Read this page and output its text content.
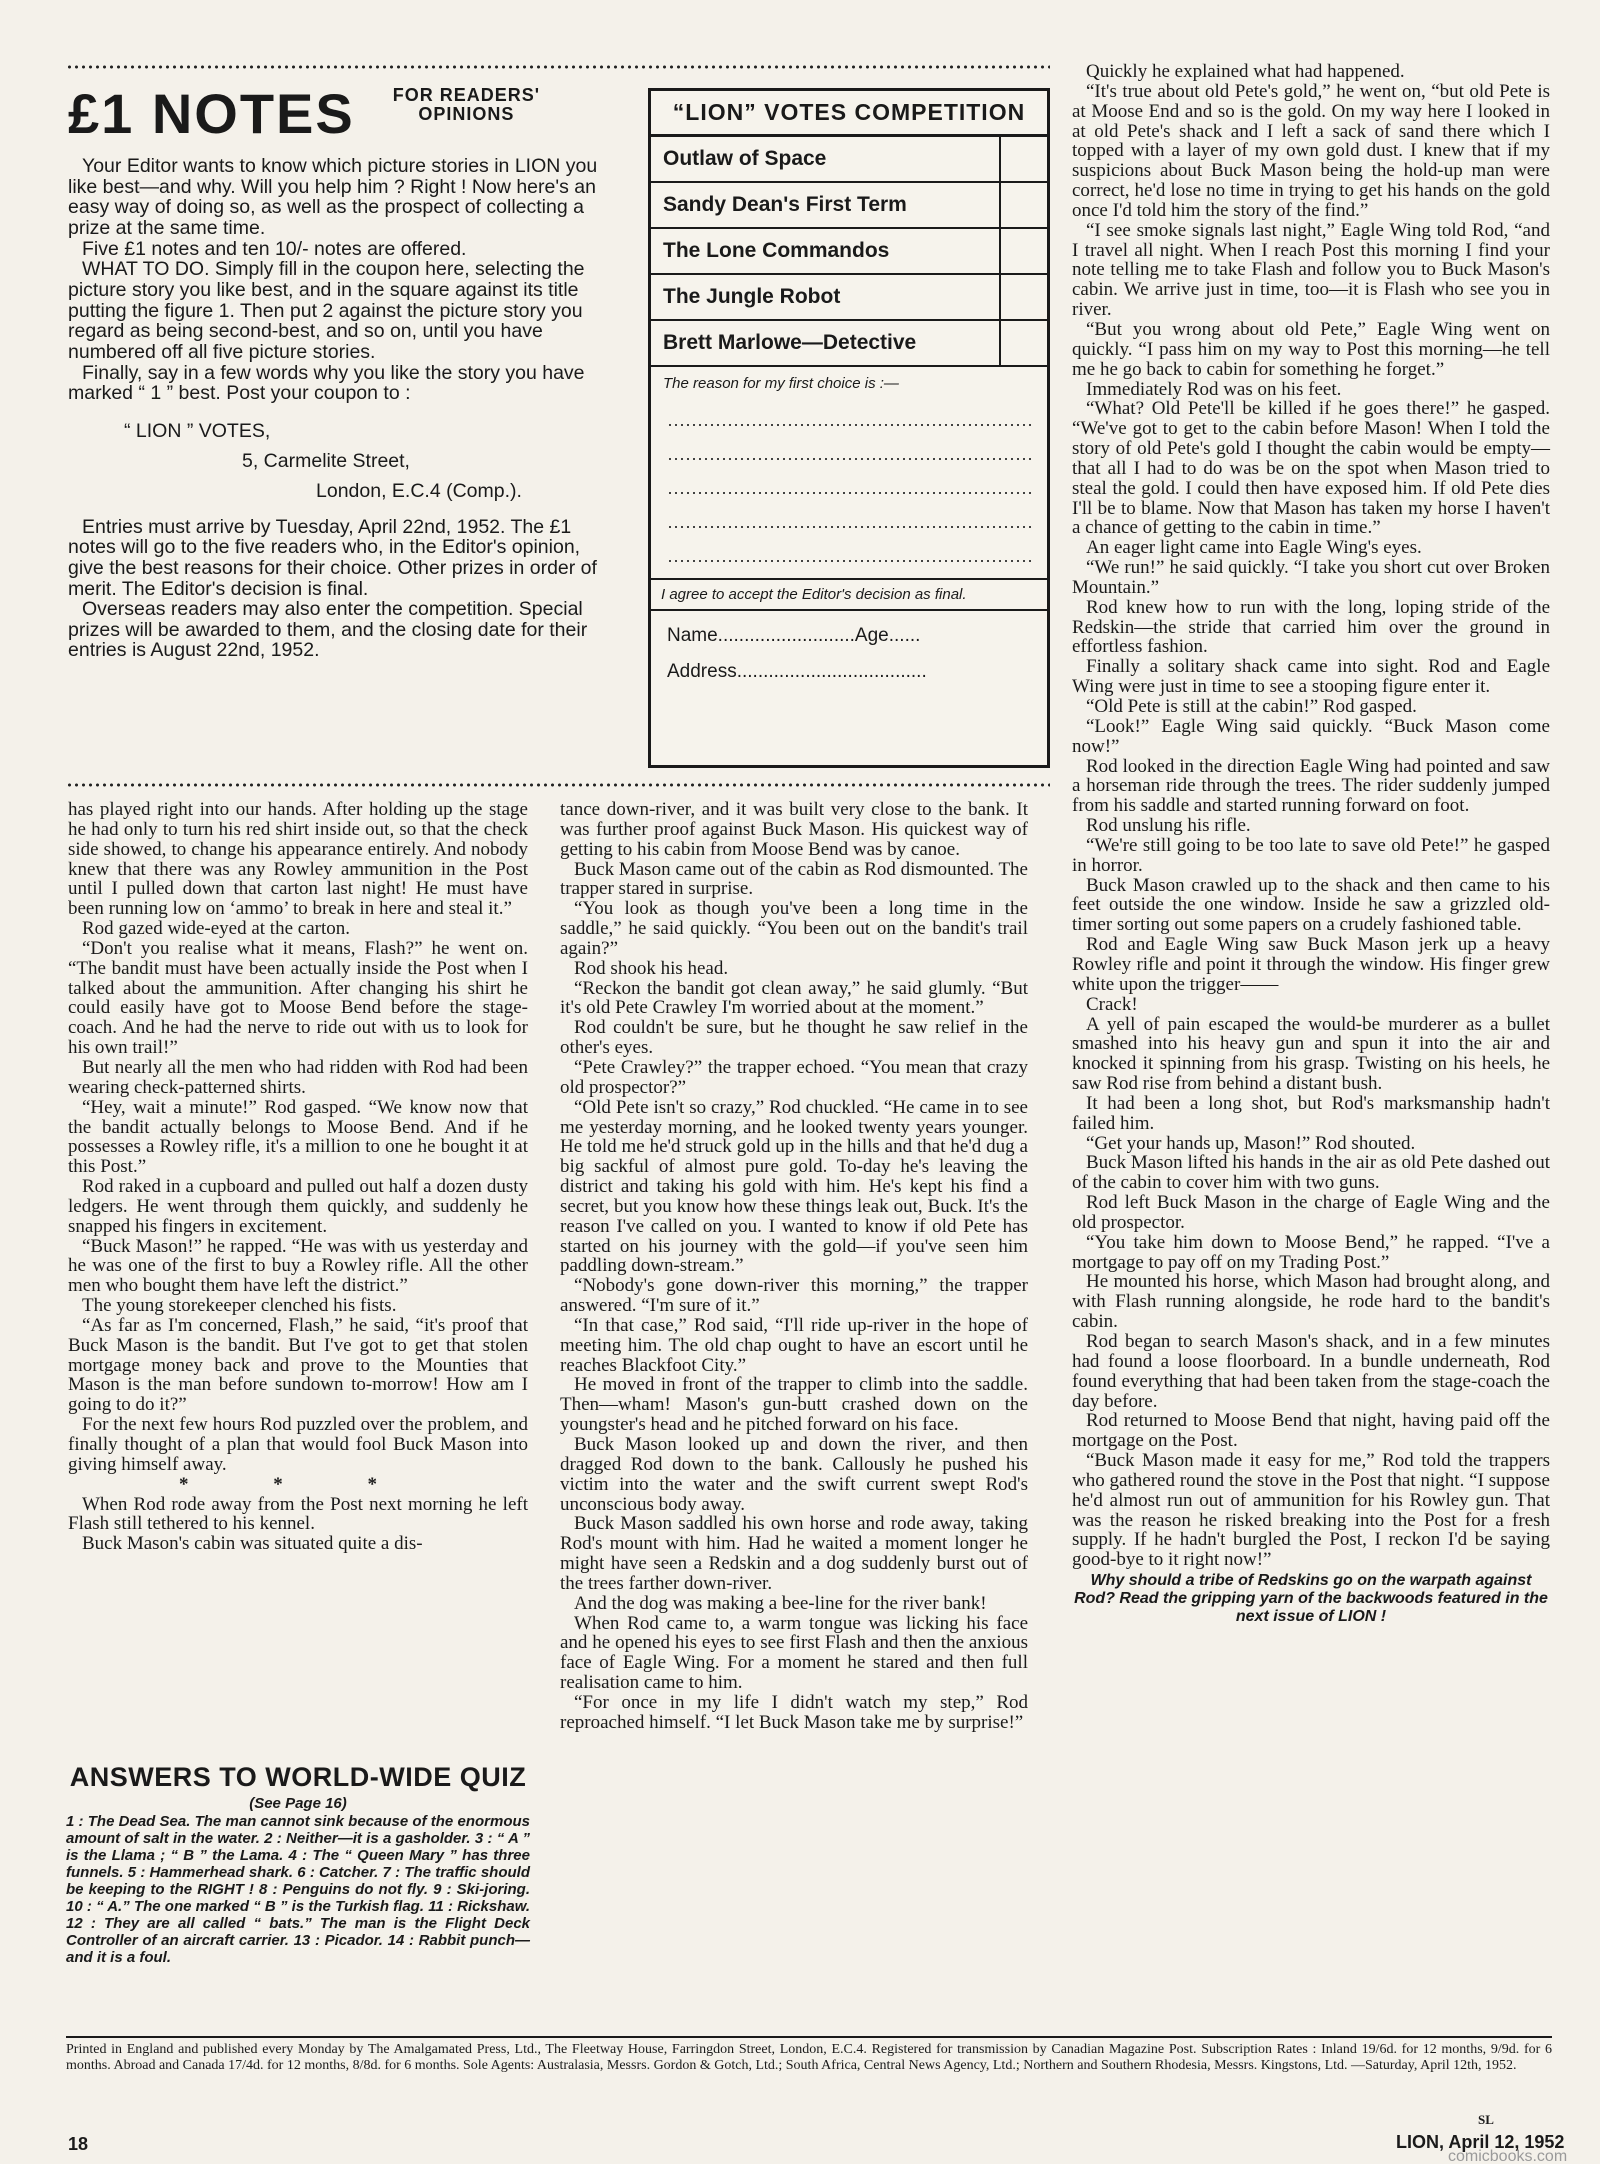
£1 NOTES FOR READERS'
OPINIONS

Your Editor wants to know which picture stories in LION you like best—and why. Will you help him ? Right ! Now here's an easy way of doing so, as well as the prospect of collecting a prize at the same time.

Five £1 notes and ten 10/- notes are offered.

WHAT TO DO. Simply fill in the coupon here, selecting the picture story you like best, and in the square against its title putting the figure 1. Then put 2 against the picture story you regard as being second-best, and so on, until you have numbered off all five picture stories.

Finally, say in a few words why you like the story you have marked “ 1 ” best. Post your coupon to :

“ LION ” VOTES,
5, Carmelite Street,
London, E.C.4 (Comp.).

Entries must arrive by Tuesday, April 22nd, 1952. The £1 notes will go to the five readers who, in the Editor's opinion, give the best reasons for their choice. Other prizes in order of merit. The Editor's decision is final.

Overseas readers may also enter the competition. Special prizes will be awarded to them, and the closing date for their entries is August 22nd, 1952.

“LION” VOTES COMPETITION
Outlaw of Space
Sandy Dean's First Term
The Lone Commandos
The Jungle Robot
Brett Marlowe—Detective
The reason for my first choice is :—
I agree to accept the Editor's decision as final.
Name..........................Age......
Address....................................

has played right into our hands. After holding up the stage he had only to turn his red shirt inside out, so that the check side showed, to change his appearance entirely. And nobody knew that there was any Rowley ammunition in the Post until I pulled down that carton last night! He must have been running low on ‘ammo’ to break in here and steal it.”

Rod gazed wide-eyed at the carton.

“Don't you realise what it means, Flash?” he went on. “The bandit must have been actually inside the Post when I talked about the ammunition. After changing his shirt he could easily have got to Moose Bend before the stage-coach. And he had the nerve to ride out with us to look for his own trail!”

But nearly all the men who had ridden with Rod had been wearing check-patterned shirts.

“Hey, wait a minute!” Rod gasped. “We know now that the bandit actually belongs to Moose Bend. And if he possesses a Rowley rifle, it's a million to one he bought it at this Post.”

Rod raked in a cupboard and pulled out half a dozen dusty ledgers. He went through them quickly, and suddenly he snapped his fingers in excitement.

“Buck Mason!” he rapped. “He was with us yesterday and he was one of the first to buy a Rowley rifle. All the other men who bought them have left the district.”

The young storekeeper clenched his fists.

“As far as I'm concerned, Flash,” he said, “it's proof that Buck Mason is the bandit. But I've got to get that stolen mortgage money back and prove to the Mounties that Mason is the man before sundown to-morrow! How am I going to do it?”

For the next few hours Rod puzzled over the problem, and finally thought of a plan that would fool Buck Mason into giving himself away.

* * *

When Rod rode away from the Post next morning he left Flash still tethered to his kennel.

Buck Mason's cabin was situated quite a dis-

ANSWERS TO WORLD-WIDE QUIZ
(See Page 16)
1 : The Dead Sea. The man cannot sink because of the enormous amount of salt in the water. 2 : Neither—it is a gasholder. 3 : “ A ” is the Llama ; “ B ” the Lama. 4 : The “ Queen Mary ” has three funnels. 5 : Hammerhead shark. 6 : Catcher. 7 : The traffic should be keeping to the RIGHT ! 8 : Penguins do not fly. 9 : Ski-joring. 10 : “ A.” The one marked “ B ” is the Turkish flag. 11 : Rickshaw. 12 : They are all called “ bats.” The man is the Flight Deck Controller of an aircraft carrier. 13 : Picador. 14 : Rabbit punch—and it is a foul.

tance down-river, and it was built very close to the bank. It was further proof against Buck Mason. His quickest way of getting to his cabin from Moose Bend was by canoe.

Buck Mason came out of the cabin as Rod dismounted. The trapper stared in surprise.

“You look as though you've been a long time in the saddle,” he said quickly. “You been out on the bandit's trail again?”

Rod shook his head.

“Reckon the bandit got clean away,” he said glumly. “But it's old Pete Crawley I'm worried about at the moment.”

Rod couldn't be sure, but he thought he saw relief in the other's eyes.

“Pete Crawley?” the trapper echoed. “You mean that crazy old prospector?”

“Old Pete isn't so crazy,” Rod chuckled. “He came in to see me yesterday morning, and he looked twenty years younger. He told me he'd struck gold up in the hills and that he'd dug a big sackful of almost pure gold. To-day he's leaving the district and taking his gold with him. He's kept his find a secret, but you know how these things leak out, Buck. It's the reason I've called on you. I wanted to know if old Pete has started on his journey with the gold—if you've seen him paddling down-stream.”

“Nobody's gone down-river this morning,” the trapper answered. “I'm sure of it.”

“In that case,” Rod said, “I'll ride up-river in the hope of meeting him. The old chap ought to have an escort until he reaches Blackfoot City.”

He moved in front of the trapper to climb into the saddle. Then—wham! Mason's gun-butt crashed down on the youngster's head and he pitched forward on his face.

Buck Mason looked up and down the river, and then dragged Rod down to the bank. Callously he pushed his victim into the water and the swift current swept Rod's unconscious body away.

Buck Mason saddled his own horse and rode away, taking Rod's mount with him. Had he waited a moment longer he might have seen a Redskin and a dog suddenly burst out of the trees farther down-river.

And the dog was making a bee-line for the river bank!

When Rod came to, a warm tongue was licking his face and he opened his eyes to see first Flash and then the anxious face of Eagle Wing. For a moment he stared and then full realisation came to him.

“For once in my life I didn't watch my step,” Rod reproached himself. “I let Buck Mason take me by surprise!”

Quickly he explained what had happened.

“It's true about old Pete's gold,” he went on, “but old Pete is at Moose End and so is the gold. On my way here I looked in at old Pete's shack and I left a sack of sand there which I topped with a layer of my own gold dust. I knew that if my suspicions about Buck Mason being the hold-up man were correct, he'd lose no time in trying to get his hands on the gold once I'd told him the story of the find.”

“I see smoke signals last night,” Eagle Wing told Rod, “and I travel all night. When I reach Post this morning I find your note telling me to take Flash and follow you to Buck Mason's cabin. We arrive just in time, too—it is Flash who see you in river.

“But you wrong about old Pete,” Eagle Wing went on quickly. “I pass him on my way to Post this morning—he tell me he go back to cabin for something he forget.”

Immediately Rod was on his feet.

“What? Old Pete'll be killed if he goes there!” he gasped. “We've got to get to the cabin before Mason! When I told the story of old Pete's gold I thought the cabin would be empty—that all I had to do was be on the spot when Mason tried to steal the gold. I could then have exposed him. If old Pete dies I'll be to blame. Now that Mason has taken my horse I haven't a chance of getting to the cabin in time.”

An eager light came into Eagle Wing's eyes.

“We run!” he said quickly. “I take you short cut over Broken Mountain.”

Rod knew how to run with the long, loping stride of the Redskin—the stride that carried him over the ground in effortless fashion.

Finally a solitary shack came into sight. Rod and Eagle Wing were just in time to see a stooping figure enter it.

“Old Pete is still at the cabin!” Rod gasped.

“Look!” Eagle Wing said quickly. “Buck Mason come now!”

Rod looked in the direction Eagle Wing had pointed and saw a horseman ride through the trees. The rider suddenly jumped from his saddle and started running forward on foot.

Rod unslung his rifle.

“We're still going to be too late to save old Pete!” he gasped in horror.

Buck Mason crawled up to the shack and then came to his feet outside the one window. Inside he saw a grizzled old-timer sorting out some papers on a crudely fashioned table.

Rod and Eagle Wing saw Buck Mason jerk up a heavy Rowley rifle and point it through the window. His finger grew white upon the trigger——

Crack!

A yell of pain escaped the would-be murderer as a bullet smashed into his heavy gun and spun it into the air and knocked it spinning from his grasp. Twisting on his heels, he saw Rod rise from behind a distant bush.

It had been a long shot, but Rod's marksmanship hadn't failed him.

“Get your hands up, Mason!” Rod shouted.

Buck Mason lifted his hands in the air as old Pete dashed out of the cabin to cover him with two guns.

Rod left Buck Mason in the charge of Eagle Wing and the old prospector.

“You take him down to Moose Bend,” he rapped. “I've a mortgage to pay off on my Trading Post.”

He mounted his horse, which Mason had brought along, and with Flash running alongside, he rode hard to the bandit's cabin.

Rod began to search Mason's shack, and in a few minutes had found a loose floorboard. In a bundle underneath, Rod found everything that had been taken from the stage-coach the day before.

Rod returned to Moose Bend that night, having paid off the mortgage on the Post.

“Buck Mason made it easy for me,” Rod told the trappers who gathered round the stove in the Post that night. “I suppose he'd almost run out of ammunition for his Rowley gun. That was the reason he risked breaking into the Post for a fresh supply. If he hadn't burgled the Post, I reckon I'd be saying good-bye to it right now!”

Why should a tribe of Redskins go on the warpath against Rod? Read the gripping yarn of the backwoods featured in the next issue of LION !
Printed in England and published every Monday by The Amalgamated Press, Ltd., The Fleetway House, Farringdon Street, London, E.C.4. Registered for transmission by Canadian Magazine Post. Subscription Rates : Inland 19/6d. for 12 months, 9/9d. for 6 months. Abroad and Canada 17/4d. for 12 months, 8/8d. for 6 months. Sole Agents: Australasia, Messrs. Gordon & Gotch, Ltd.; South Africa, Central News Agency, Ltd.; Northern and Southern Rhodesia, Messrs. Kingstons, Ltd. —Saturday, April 12th, 1952.
SL
18	LION, April 12, 1952
comicbooks.com
